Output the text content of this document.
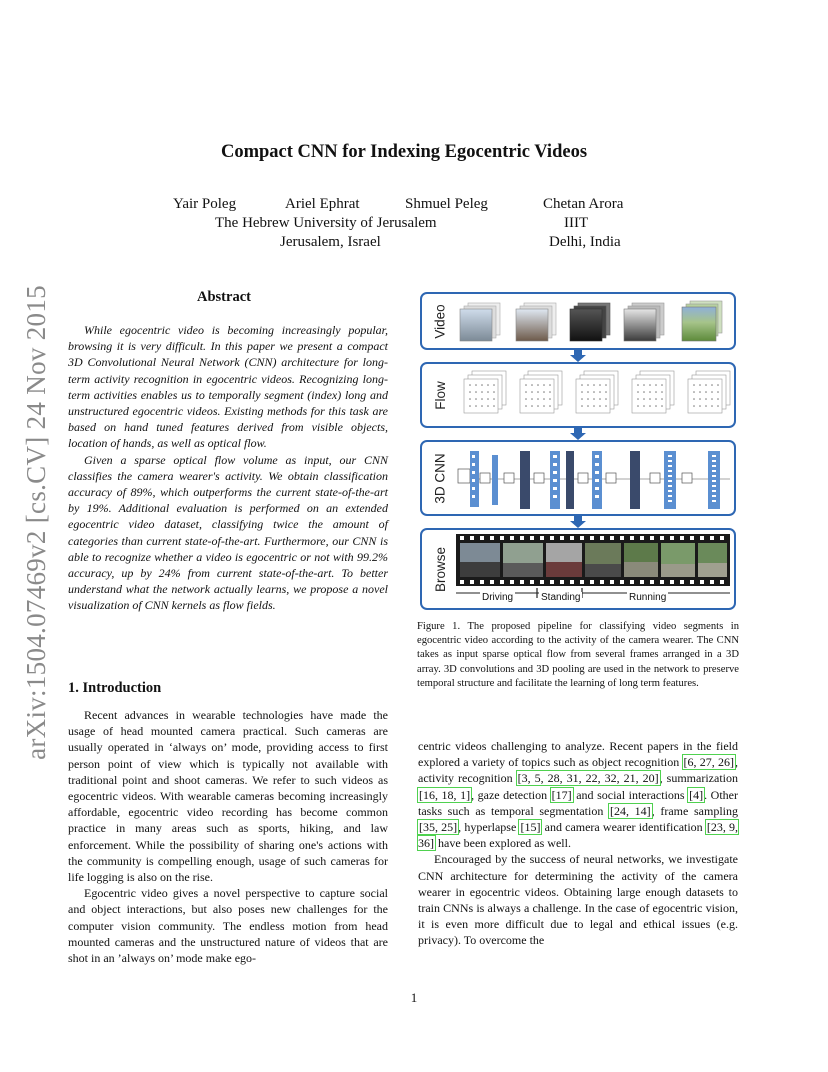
arXiv:1504.07469v2 [cs.CV] 24 Nov 2015
Compact CNN for Indexing Egocentric Videos
Yair Poleg	Ariel Ephrat	Shmuel Peleg	Chetan Arora
The Hebrew University of Jerusalem	IIIT
Jerusalem, Israel	Delhi, India
Abstract
While egocentric video is becoming increasingly popular, browsing it is very difficult. In this paper we present a compact 3D Convolutional Neural Network (CNN) architecture for long-term activity recognition in egocentric videos. Recognizing long-term activities enables us to temporally segment (index) long and unstructured egocentric videos. Existing methods for this task are based on hand tuned features derived from visible objects, location of hands, as well as optical flow.
Given a sparse optical flow volume as input, our CNN classifies the camera wearer's activity. We obtain classification accuracy of 89%, which outperforms the current state-of-the-art by 19%. Additional evaluation is performed on an extended egocentric video dataset, classifying twice the amount of categories than current state-of-the-art. Furthermore, our CNN is able to recognize whether a video is egocentric or not with 99.2% accuracy, up by 24% from current state-of-the-art. To better understand what the network actually learns, we propose a novel visualization of CNN kernels as flow fields.
1. Introduction
Recent advances in wearable technologies have made the usage of head mounted camera practical. Such cameras are usually operated in ‘always on’ mode, providing access to first person point of view which is typically not available with traditional point and shoot cameras. We refer to such videos as egocentric videos. With wearable cameras becoming increasingly affordable, egocentric video recording has become common practice in many areas such as sports, hiking, and law enforcement. While the possibility of sharing one's actions with the community is compelling enough, usage of such cameras for life logging is also on the rise.
Egocentric video gives a novel perspective to capture social and object interactions, but also poses new challenges for the computer vision community. The endless motion from head mounted cameras and the unstructured nature of videos that are shot in an ’always on’ mode make ego-
centric videos challenging to analyze. Recent papers in the field explored a variety of topics such as object recognition [6, 27, 26], activity recognition [3, 5, 28, 31, 22, 32, 21, 20], summarization [16, 18, 1], gaze detection [17] and social interactions [4]. Other tasks such as temporal segmentation [24, 14], frame sampling [35, 25], hyperlapse [15] and camera wearer identification [23, 9, 36] have been explored as well.
Encouraged by the success of neural networks, we investigate CNN architecture for determining the activity of the camera wearer in egocentric videos. Obtaining large enough datasets to train CNNs is always a challenge. In the case of egocentric vision, it is even more difficult due to legal and ethical issues (e.g. privacy). To overcome the
Video
Flow
3D CNN
Browse
Driving	Standing	Running
Figure 1. The proposed pipeline for classifying video segments in egocentric video according to the activity of the camera wearer. The CNN takes as input sparse optical flow from several frames arranged in a 3D array. 3D convolutions and 3D pooling are used in the network to preserve temporal structure and facilitate the learning of long term features.
1
